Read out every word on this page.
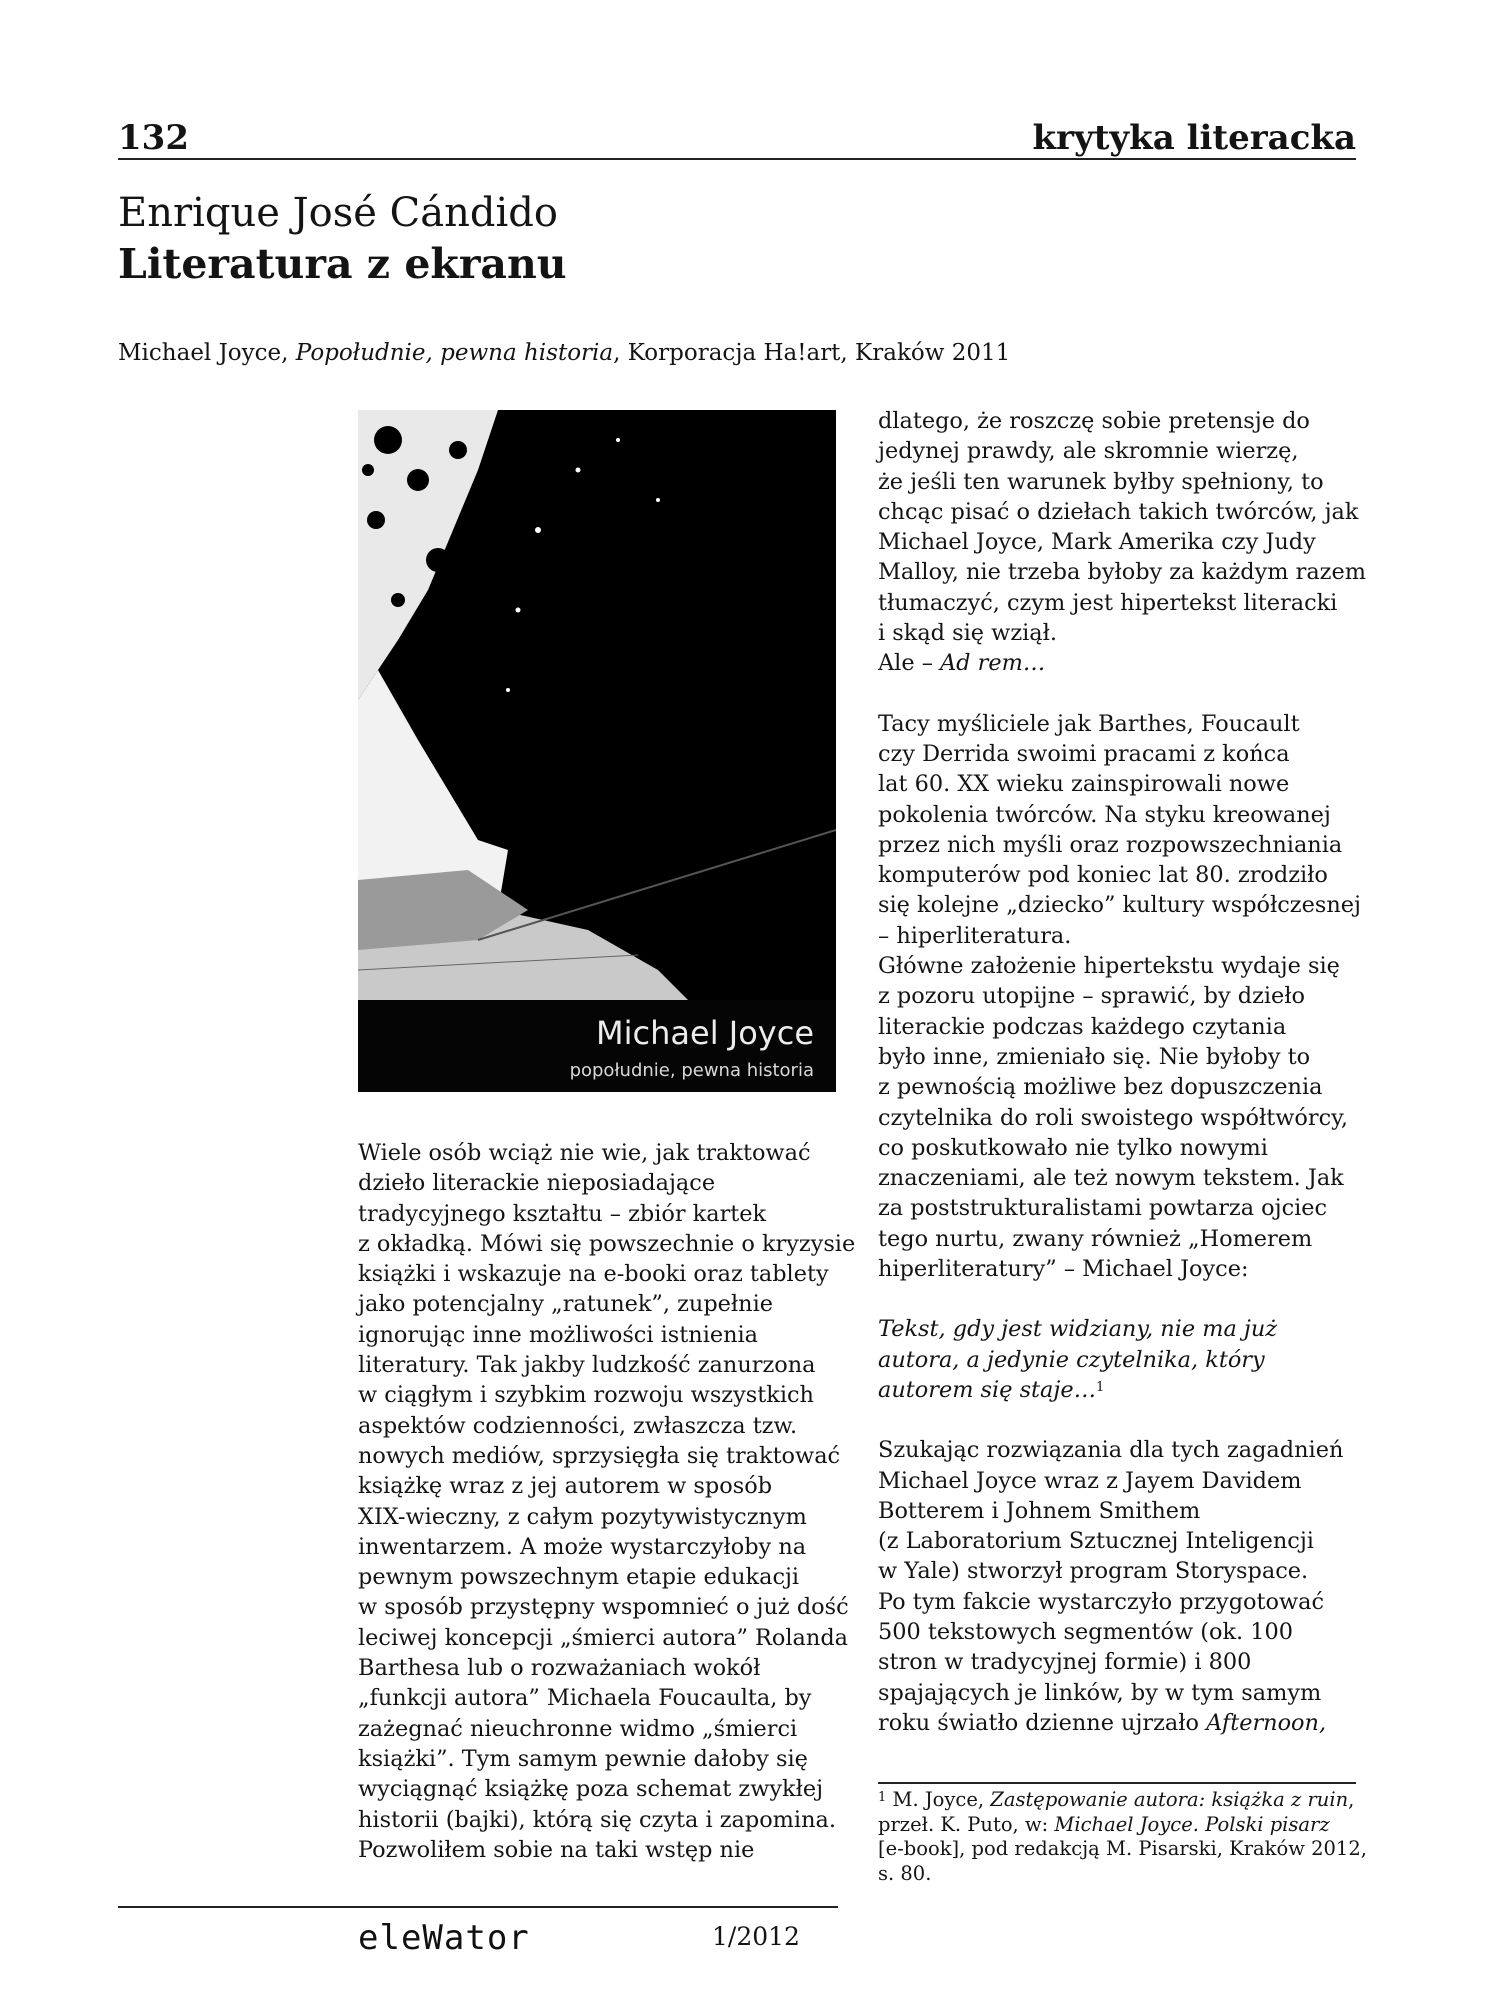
132	krytyka literacka
Enrique José Cándido
Literatura z ekranu
Michael Joyce, Popołudnie, pewna historia, Korporacja Ha!art, Kraków 2011
Michael Joyce
popołudnie, pewna historia
Wiele osób wciąż nie wie, jak traktować
dzieło literackie nieposiadające
tradycyjnego kształtu – zbiór kartek
z okładką. Mówi się powszechnie o kryzysie
książki i wskazuje na e-booki oraz tablety
jako potencjalny „ratunek”, zupełnie
ignorując inne możliwości istnienia
literatury. Tak jakby ludzkość zanurzona
w ciągłym i szybkim rozwoju wszystkich
aspektów codzienności, zwłaszcza tzw.
nowych mediów, sprzysięgła się traktować
książkę wraz z jej autorem w sposób
XIX-wieczny, z całym pozytywistycznym
inwentarzem. A może wystarczyłoby na
pewnym powszechnym etapie edukacji
w sposób przystępny wspomnieć o już dość
leciwej koncepcji „śmierci autora” Rolanda
Barthesa lub o rozważaniach wokół
„funkcji autora” Michaela Foucaulta, by
zażegnać nieuchronne widmo „śmierci
książki”. Tym samym pewnie dałoby się
wyciągnąć książkę poza schemat zwykłej
historii (bajki), którą się czyta i zapomina.
Pozwoliłem sobie na taki wstęp nie
dlatego, że roszczę sobie pretensje do
jedynej prawdy, ale skromnie wierzę,
że jeśli ten warunek byłby spełniony, to
chcąc pisać o dziełach takich twórców, jak
Michael Joyce, Mark Amerika czy Judy
Malloy, nie trzeba byłoby za każdym razem
tłumaczyć, czym jest hipertekst literacki
i skąd się wziął.
Ale – Ad rem…
Tacy myśliciele jak Barthes, Foucault
czy Derrida swoimi pracami z końca
lat 60. XX wieku zainspirowali nowe
pokolenia twórców. Na styku kreowanej
przez nich myśli oraz rozpowszechniania
komputerów pod koniec lat 80. zrodziło
się kolejne „dziecko” kultury współczesnej
– hiperliteratura.
Główne założenie hipertekstu wydaje się
z pozoru utopijne – sprawić, by dzieło
literackie podczas każdego czytania
było inne, zmieniało się. Nie byłoby to
z pewnością możliwe bez dopuszczenia
czytelnika do roli swoistego współtwórcy,
co poskutkowało nie tylko nowymi
znaczeniami, ale też nowym tekstem. Jak
za poststrukturalistami powtarza ojciec
tego nurtu, zwany również „Homerem
hiperliteratury” – Michael Joyce:
Tekst, gdy jest widziany, nie ma już
autora, a jedynie czytelnika, który
autorem się staje…$^1$
Szukając rozwiązania dla tych zagadnień
Michael Joyce wraz z Jayem Davidem
Botterem i Johnem Smithem
(z Laboratorium Sztucznej Inteligencji
w Yale) stworzył program Storyspace.
Po tym fakcie wystarczyło przygotować
500 tekstowych segmentów (ok. 100
stron w tradycyjnej formie) i 800
spajających je linków, by w tym samym
roku światło dzienne ujrzało Afternoon,
$^1$ M. Joyce, Zastępowanie autora: książka z ruin,
przeł. K. Puto, w: Michael Joyce. Polski pisarz
[e-book], pod redakcją M. Pisarski, Kraków 2012,
s. 80.
eleWator	1/2012
